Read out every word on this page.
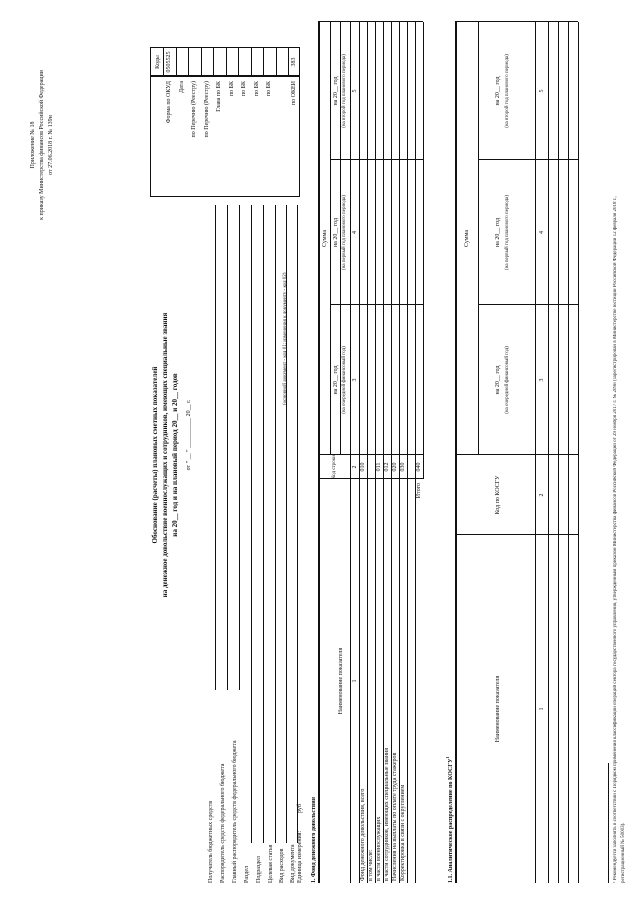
Приложение № 18 к приказу Министерства финансов Российской Федерации от 27.06.2018 г. № 139н
Обоснование (расчеты) плановых сметных показателей на денежное довольствие военнослужащих и сотрудников, имеющих специальные звания на 20__ год и на плановый период 20__ и 20__ годов от " __ " __________ 20__ г.
Коды
Форма по ОКУД
0505525
Дата по Перечню (Реестру) по Перечню (Реестру) Глава по БК по БК по БК по БК по БК	по ОКЕИ
383
Получатель бюджетных средств Распорядитель средств федерального бюджета Главный распорядитель средств федерального бюджета Раздел Подраздел Целевая статья Вид расходов Вид документа
(основной документ - код 01; изменения к документу - код 02)
Единица измерения:
руб 1. Фонд денежного довольствия
Наименование показателя
Код строки
Сумма
на 20__ год (на очередной финансовый год)
на 20__ год (на первый год планового периода)
на 20__ год (на второй год планового периода)
1
2
3
4
5
Фонд денежного довольствия, всего
010
в том числе: в части военнослужащих
011
в части сотрудников, имеющих специальные звания
012
Начисления на выплаты по оплате труда стажеров
020
Корректировка в связи с округлением
030
Итого
040
1.1. Аналитическое распределение по КОСГУ$^1$
Наименование показателя
Код по КОСГУ
Сумма
на 20__ год (на очередной финансовый год)
на 20__ год (на первый год планового периода)
на 20__ год (на второй год планового периода)
1
2
3
4
5
¹ Рекомендуется заполнять в соответствии с Порядком применения классификации операций сектора государственного управления, утвержденным приказом Министерства финансов Российской Федерации от 29 ноября 2017 г. № 209н (зарегистрирован в Министерстве юстиции Российской Федерации 12 февраля 2018 г., регистрационный № 50003).
